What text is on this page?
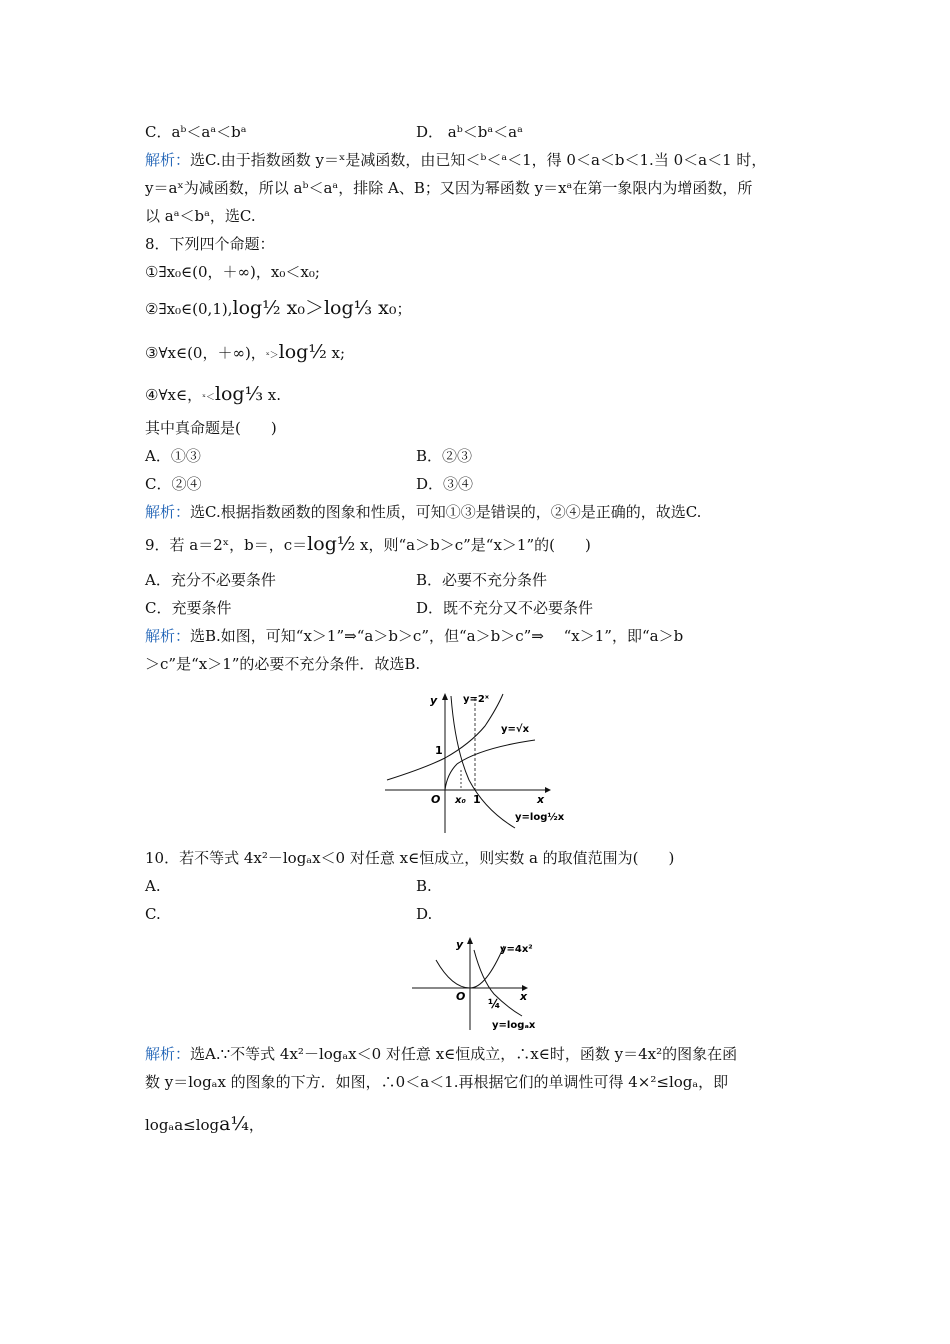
C．aᵇ＜aᵃ＜bᵃ	D． aᵇ＜bᵃ＜aᵃ
解析：选C.由于指数函数 y＝ˣ是减函数，由已知＜ᵇ＜ᵃ＜1，得 0＜a＜b＜1.当 0＜a＜1 时，
y＝aˣ为减函数，所以 aᵇ＜aᵃ，排除 A、B；又因为幂函数 y＝xᵃ在第一象限内为增函数，所
以 aᵃ＜bᵃ，选C.
8．下列四个命题：
①∃x₀∈(0，＋∞)，x₀＜x₀;
②∃x₀∈(0,1),log½ x₀＞log⅓ x₀；
③∀x∈(0，＋∞)，ˣ＞log½ x;
④∀x∈，ˣ＜log⅓ x.
其中真命题是(　　)
A．①③	B．②③
C．②④	D．③④
解析：选C.根据指数函数的图象和性质，可知①③是错误的，②④是正确的，故选C.
9．若 a＝2ˣ，b＝，c＝log½ x，则“a＞b＞c”是“x＞1”的(　　)
A．充分不必要条件	B．必要不充分条件
C．充要条件	D．既不充分又不必要条件
解析：选B.如图，可知“x＞1”⇒“a＞b＞c”，但“a＞b＞c”⇒　 “x＞1”，即“a＞b
＞c”是“x＞1”的必要不充分条件．故选B.
y
x
O
1
x₀ 1
y=2ˣ
y=√x
y=log½x
10．若不等式 4x²－logₐx＜0 对任意 x∈恒成立，则实数 a 的取值范围为(　　)
A.	B.
C.	D.
y
x
O
¼
y=4x²
y=logₐx
解析：选A.∵不等式 4x²－logₐx＜0 对任意 x∈恒成立，∴x∈时，函数 y＝4x²的图象在函
数 y＝logₐx 的图象的下方．如图，∴0＜a＜1.再根据它们的单调性可得 4×²≤logₐ，即
logₐa≤loga¼，
